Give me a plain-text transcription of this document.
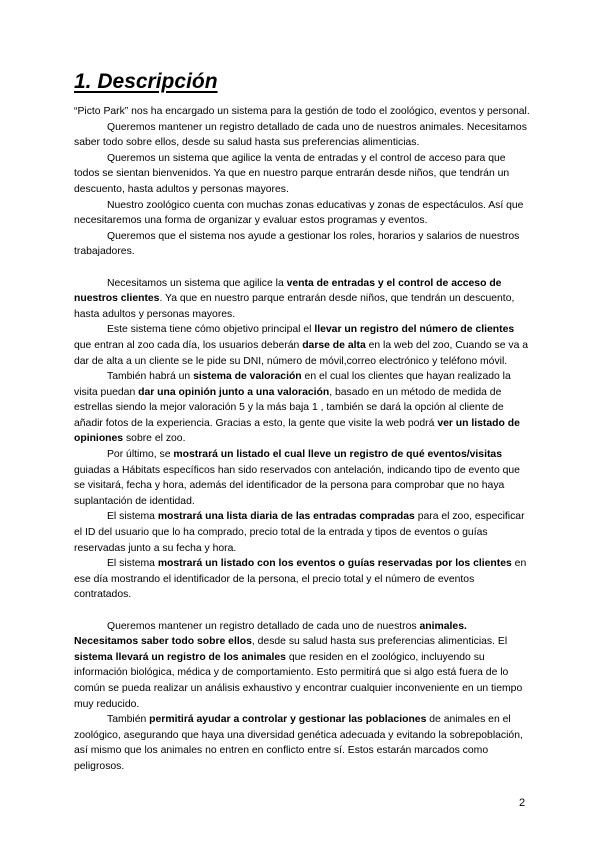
1. Descripción

“Picto Park” nos ha encargado un sistema para la gestión de todo el zoológico, eventos y personal.

Queremos mantener un registro detallado de cada uno de nuestros animales. Necesitamos saber todo sobre ellos, desde su salud hasta sus preferencias alimenticias.

Queremos un sistema que agilice la venta de entradas y el control de acceso para que todos se sientan bienvenidos. Ya que en nuestro parque entrarán desde niños, que tendrán un descuento, hasta adultos y personas mayores.

Nuestro zoológico cuenta con muchas zonas educativas y zonas de espectáculos. Así que necesitaremos una forma de organizar y evaluar estos programas y eventos.

Queremos que el sistema nos ayude a gestionar los roles, horarios y salarios de nuestros trabajadores.

Necesitamos un sistema que agilice la venta de entradas y el control de acceso de nuestros clientes. Ya que en nuestro parque entrarán desde niños, que tendrán un descuento, hasta adultos y personas mayores.

Este sistema tiene cómo objetivo principal el llevar un registro del número de clientes que entran al zoo cada día, los usuarios deberán darse de alta en la web del zoo, Cuando se va a dar de alta a un cliente se le pide su DNI, número de móvil,correo electrónico y teléfono móvil.

También habrá un sistema de valoración en el cual los clientes que hayan realizado la visita puedan dar una opinión junto a una valoración, basado en un método de medida de estrellas siendo la mejor valoración 5 y la más baja 1 , también se dará la opción al cliente de añadir fotos de la experiencia. Gracias a esto, la gente que visite la web podrá ver un listado de opiniones sobre el zoo.

Por último, se mostrará un listado el cual lleve un registro de qué eventos/visitas guiadas a Hábitats específicos han sido reservados con antelación, indicando tipo de evento que se visitará, fecha y hora, además del identificador de la persona para comprobar que no haya suplantación de identidad.

El sistema mostrará una lista diaria de las entradas compradas para el zoo, especificar el ID del usuario que lo ha comprado, precio total de la entrada y tipos de eventos o guías reservadas junto a su fecha y hora.

El sistema mostrará un listado con los eventos o guías reservadas por los clientes en ese día mostrando el identificador de la persona, el precio total y el número de eventos contratados.

Queremos mantener un registro detallado de cada uno de nuestros animales. Necesitamos saber todo sobre ellos, desde su salud hasta sus preferencias alimenticias. El sistema llevará un registro de los animales que residen en el zoológico, incluyendo su información biológica, médica y de comportamiento. Esto permitirá que si algo está fuera de lo común se pueda realizar un análisis exhaustivo y encontrar cualquier inconveniente en un tiempo muy reducido.

También permitirá ayudar a controlar y gestionar las poblaciones de animales en el zoológico, asegurando que haya una diversidad genética adecuada y evitando la sobrepoblación, así mismo que los animales no entren en conflicto entre sí. Estos estarán marcados como peligrosos.

2
